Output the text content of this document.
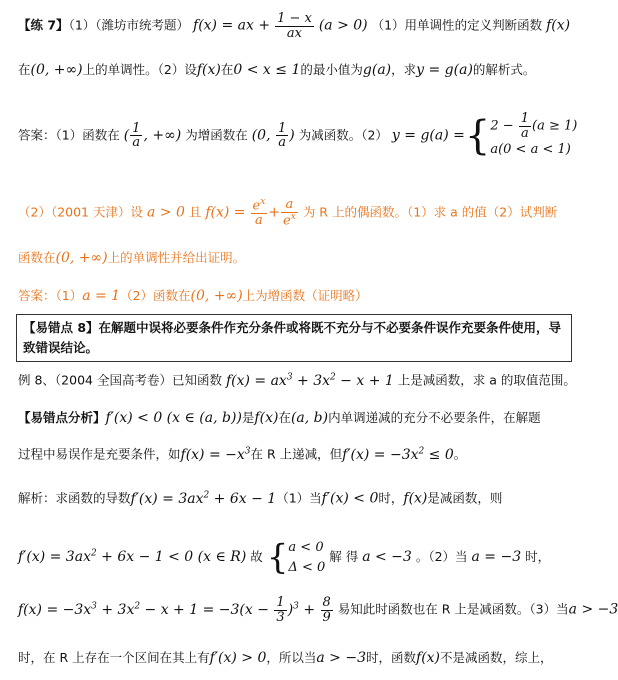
【练 7】（1）（潍坊市统考题） f(x) = ax + $\frac{1 - x}{ax} (a > 0)$ （1）用单调性的定义判断函数 f(x)
在(0, +∞)上的单调性。（2）设f(x)在0 < x ≤ 1的最小值为g(a)，求y = g(a)的解析式。
答案：（1）函数在 ( $\frac{1}{a}$ , +∞) 为增函数在 (0, $\frac{1}{a}$ ) 为减函数。（2） y = g(a) ={ $2 - \frac{1}{a} (a \ge 1)$
a(0 < a < 1)
（2）（2001 天津）设 a > 0 且 $f(x) = \frac{e^x}{a} + \frac{a}{e^x}$ 为 R 上的偶函数。（1）求 a 的值（2）试判断
函数在(0, +∞)上的单调性并给出证明。
答案：（1）a = 1（2）函数在(0, +∞)上为增函数（证明略）
【易错点 8】在解题中误将必要条件作充分条件或将既不充分与不必要条件误作充要条件使用，导致错误结论。
例 8、（2004 全国高考卷）已知函数 $f(x) = ax^3 + 3x^2 - x + 1$ 上是减函数，求 a 的取值范围。
【易错点分析】f′(x) < 0 (x ∈ (a, b))是f(x)在(a, b)内单调递减的充分不必要条件，在解题
过程中易误作是充要条件，如$f(x) = -x^3$在 R 上递减，但$f'(x) = -3x^2 \le 0$。
解析：求函数的导数$f'(x) = 3ax^2 + 6x - 1(1)$当f′(x) < 0时，f(x)是减函数，则
$f'(x) = 3ax^2 + 6x - 1 < 0$ (x ∈ R) 故 { a < 0
Δ < 0
解 得 a < −3 。（2）当 a = −3 时，
$f(x) = -3x^3 + 3x^2 - x + 1 = -3(x - \frac{1}{3} )^3 + \frac{8}{9}$ 易知此时函数也在 R 上是减函数。（3）当a > −3
时，在 R 上存在一个区间在其上有f′(x) > 0，所以当a > −3时，函数f(x)不是减函数，综上，
